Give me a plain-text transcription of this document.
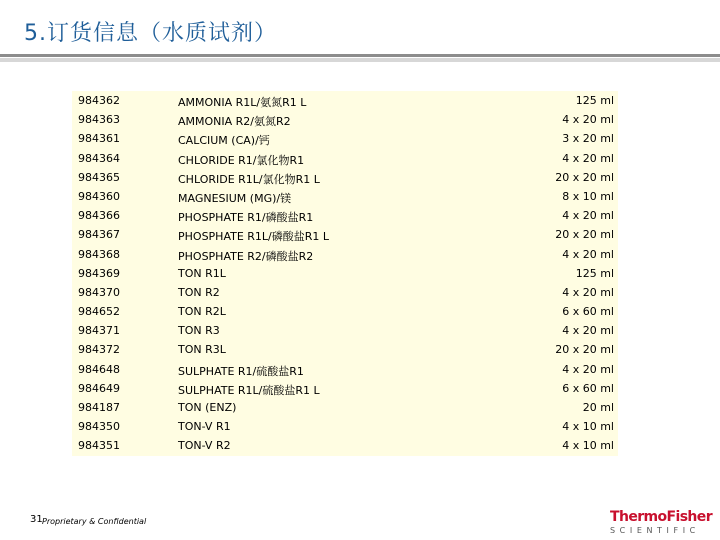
5.订货信息（水质试剂）
984362	AMMONIA R1L/氨氮R1 L	125 ml
984363	AMMONIA R2/氨氮R2	4 x 20 ml
984361	CALCIUM (CA)/钙	3 x 20 ml
984364	CHLORIDE R1/氯化物R1	4 x 20 ml
984365	CHLORIDE R1L/氯化物R1 L	20 x 20 ml
984360	MAGNESIUM (MG)/镁	8 x 10 ml
984366	PHOSPHATE R1/磷酸盐R1	4 x 20 ml
984367	PHOSPHATE R1L/磷酸盐R1 L	20 x 20 ml
984368	PHOSPHATE R2/磷酸盐R2	4 x 20 ml
984369	TON R1L	125 ml
984370	TON R2	4 x 20 ml
984652	TON R2L	6 x 60 ml
984371	TON R3	4 x 20 ml
984372	TON R3L	20 x 20 ml
984648	SULPHATE R1/硫酸盐R1	4 x 20 ml
984649	SULPHATE R1L/硫酸盐R1 L	6 x 60 ml
984187	TON (ENZ)	20 ml
984350	TON-V R1	4 x 10 ml
984351	TON-V R2	4 x 10 ml
31 Proprietary & Confidential	ThermoFisher
SCIENTIFIC
